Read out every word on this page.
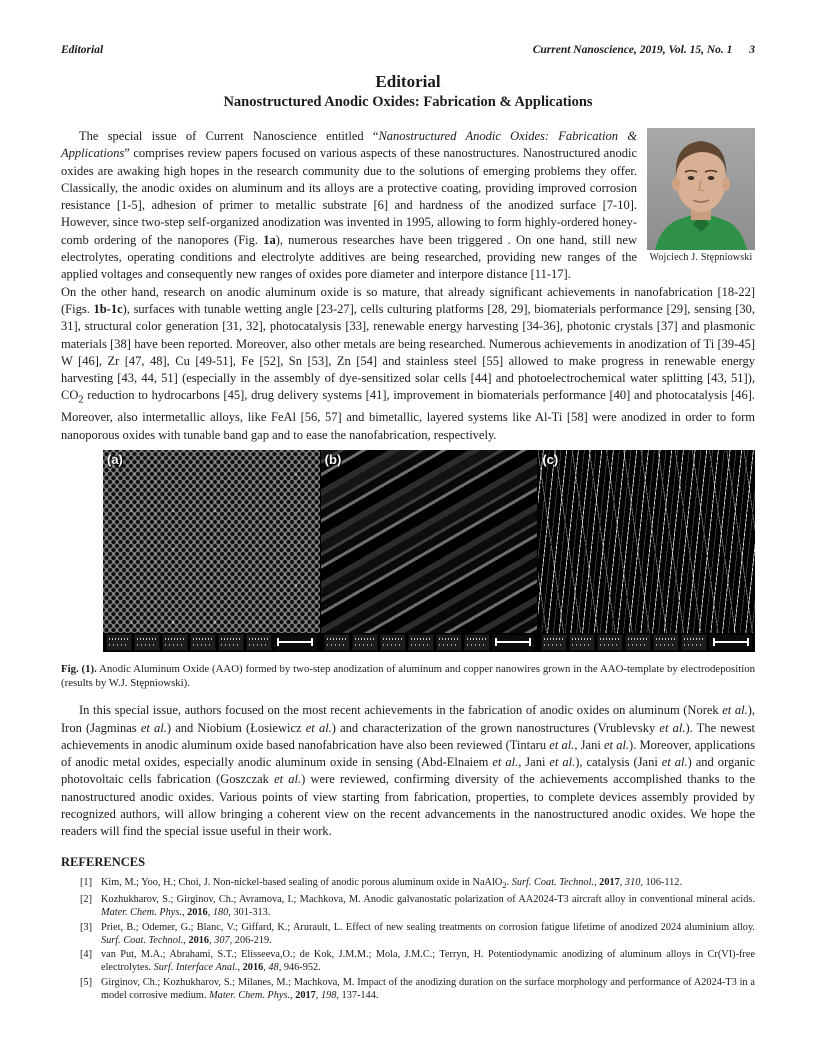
Editorial	Current Nanoscience, 2019, Vol. 15, No. 1 3
Editorial
Nanostructured Anodic Oxides: Fabrication & Applications
Wojciech J. Stępniowski

The special issue of Current Nanoscience entitled “Nanostructured Anodic Oxides: Fabrication & Applications” comprises review papers focused on various aspects of these nanostructures. Nanostructured anodic oxides are awaking high hopes in the research community due to the solutions of emerging problems they offer. Classically, the anodic oxides on aluminum and its alloys are a protective coating, providing improved corrosion resistance [1-5], adhesion of primer to metallic substrate [6] and hardness of the anodized surface [7-10]. However, since two-step self-organized anodization was invented in 1995, allowing to form highly-ordered honey-comb ordering of the nanopores (Fig. 1a), numerous researches have been triggered . On one hand, still new electrolytes, operating conditions and electrolyte additives are being researched, providing new ranges of the applied voltages and consequently new ranges of oxides pore diameter and interpore distance [11-17].

On the other hand, research on anodic aluminum oxide is so mature, that already significant achievements in nanofabrication [18-22] (Figs. 1b-1c), surfaces with tunable wetting angle [23-27], cells culturing platforms [28, 29], biomaterials performance [29], sensing [30, 31], structural color generation [31, 32], photocatalysis [33], renewable energy harvesting [34-36], photonic crystals [37] and plasmonic materials [38] have been reported. Moreover, also other metals are being researched. Numerous achievements in anodization of Ti [39-45] W [46], Zr [47, 48], Cu [49-51], Fe [52], Sn [53], Zn [54] and stainless steel [55] allowed to make progress in renewable energy harvesting [43, 44, 51] (especially in the assembly of dye-sensitized solar cells [44] and photoelectrochemical water splitting [43, 51]), $CO_2$ reduction to hydrocarbons [45], drug delivery systems [41], improvement in biomaterials performance [40] and photocatalysis [46]. Moreover, also intermetallic alloys, like FeAl [56, 57] and bimetallic, layered systems like Al-Ti [58] were anodized in order to form nanoporous oxides with tunable band gap and to ease the nanofabrication, respectively.

(a)	(b)	(c)
Fig. (1). Anodic Aluminum Oxide (AAO) formed by two-step anodization of aluminum and copper nanowires grown in the AAO-template by electrodeposition (results by W.J. Stępniowski).

In this special issue, authors focused on the most recent achievements in the fabrication of anodic oxides on aluminum (Norek et al.), Iron (Jagminas et al.) and Niobium (Łosiewicz et al.) and characterization of the grown nanostructures (Vrublevsky et al.). The newest achievements in anodic aluminum oxide based nanofabrication have also been reviewed (Tintaru et al., Jani et al.). Moreover, applications of anodic metal oxides, especially anodic aluminum oxide in sensing (Abd-Elnaiem et al., Jani et al.), catalysis (Jani et al.) and organic photovoltaic cells fabrication (Goszczak et al.) were reviewed, confirming diversity of the achievements accomplished thanks to the nanostructured anodic oxides. Various points of view starting from fabrication, properties, to complete devices assembly provided by recognized authors, will allow bringing a coherent view on the recent advancements in the nanostructured anodic oxides. We hope the readers will find the special issue useful in their work.

REFERENCES
[1] Kim, M.; Yoo, H.; Choi, J. Non-nickel-based sealing of anodic porous aluminum oxide in NaAlO$_2$. Surf. Coat. Technol., 2017, 310, 106-112.
[2] Kozhukharov, S.; Girginov, Ch.; Avramova, I.; Machkova, M. Anodic galvanostatic polarization of AA2024-T3 aircraft alloy in conventional mineral acids. Mater. Chem. Phys., 2016, 180, 301-313.
[3] Priet, B.; Odemer, G.; Blanc, V.; Giffard, K.; Arurault, L. Effect of new sealing treatments on corrosion fatigue lifetime of anodized 2024 aluminium alloy. Surf. Coat. Technol., 2016, 307, 206-219.
[4] van Put, M.A.; Abrahami, S.T.; Elisseeva,O.; de Kok, J.M.M.; Mola, J.M.C.; Terryn, H. Potentiodynamic anodizing of aluminum alloys in Cr(VI)-free electrolytes. Surf. Interface Anal., 2016, 48, 946-952.
[5] Girginov, Ch.; Kozhukharov, S.; Milanes, M.; Machkova, M. Impact of the anodizing duration on the surface morphology and performance of A2024-T3 in a model corrosive medium. Mater. Chem. Phys., 2017, 198, 137-144.
